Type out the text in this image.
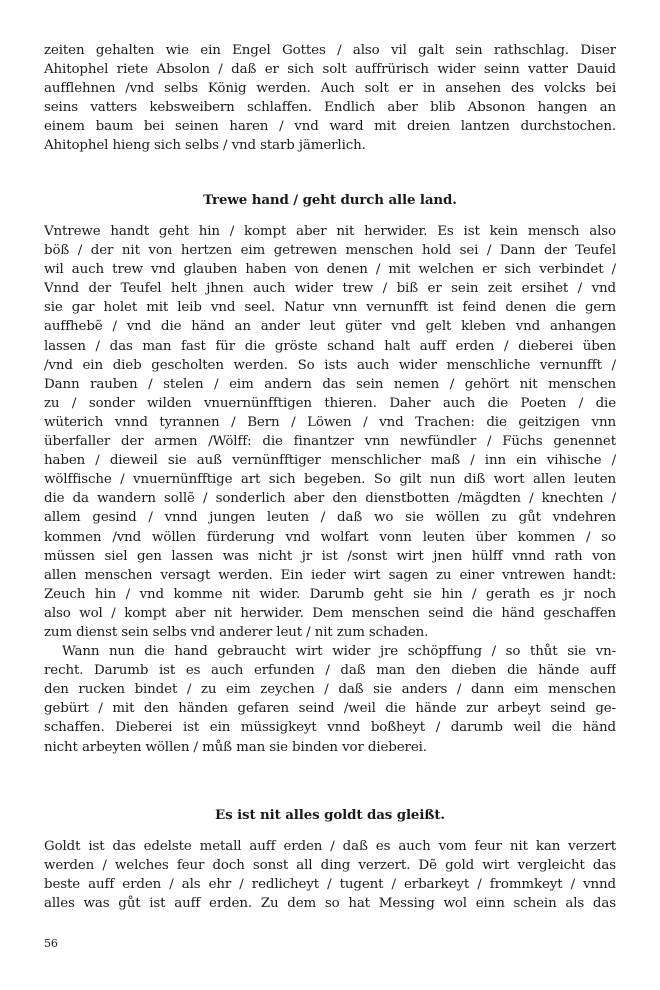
zeiten gehalten wie ein Engel Gottes / also vil galt sein rathschlag. Diser
Ahitophel riete Absolon / daß er sich solt auffrürisch wider seinn vatter Dauid
aufflehnen /vnd selbs König werden. Auch solt er in ansehen des volcks bei
seins vatters kebsweibern schlaffen. Endlich aber blib Absonon hangen an
einem baum bei seinen haren / vnd ward mit dreien lantzen durchstochen.
Ahitophel hieng sich selbs / vnd starb jämerlich.
Trewe hand / geht durch alle land.
Vntrewe handt geht hin / kompt aber nit herwider. Es ist kein mensch also
böß / der nit von hertzen eim getrewen menschen hold sei / Dann der Teufel
wil auch trew vnd glauben haben von denen / mit welchen er sich verbindet /
Vnnd der Teufel helt jhnen auch wider trew / biß er sein zeit ersihet / vnd
sie gar holet mit leib vnd seel. Natur vnn vernunfft ist feind denen die gern
auffhebẽ / vnd die händ an ander leut güter vnd gelt kleben vnd anhangen
lassen / das man fast für die gröste schand halt auff erden / dieberei üben
/vnd ein dieb gescholten werden. So ists auch wider menschliche vernunfft /
Dann rauben / stelen / eim andern das sein nemen / gehört nit menschen
zu / sonder wilden vnuernünfftigen thieren. Daher auch die Poeten / die
wüterich vnnd tyrannen / Bern / Löwen / vnd Trachen: die geitzigen vnn
überfaller der armen /Wölff: die finantzer vnn newfündler / Füchs genennet
haben / dieweil sie auß vernünfftiger menschlicher maß / inn ein vihische /
wölffische / vnuernünfftige art sich begeben. So gilt nun diß wort allen leuten
die da wandern sollẽ / sonderlich aber den dienstbotten /mägdten / knechten /
allem gesind / vnnd jungen leuten / daß wo sie wöllen zu gůt vndehren
kommen /vnd wöllen fürderung vnd wolfart vonn leuten über kommen / so
müssen siel gen lassen was nicht jr ist /sonst wirt jnen hülff vnnd rath von
allen menschen versagt werden. Ein ieder wirt sagen zu einer vntrewen handt:
Zeuch hin / vnd komme nit wider. Darumb geht sie hin / gerath es jr noch
also wol / kompt aber nit herwider. Dem menschen seind die händ geschaffen
zum dienst sein selbs vnd anderer leut / nit zum schaden.
Wann nun die hand gebraucht wirt wider jre schöpffung / so thůt sie vn-
recht. Darumb ist es auch erfunden / daß man den dieben die hände auff
den rucken bindet / zu eim zeychen / daß sie anders / dann eim menschen
gebürt / mit den händen gefaren seind /weil die hände zur arbeyt seind ge-
schaffen. Dieberei ist ein müssigkeyt vnnd boßheyt / darumb weil die händ
nicht arbeyten wöllen / můß man sie binden vor dieberei.
Es ist nit alles goldt das gleißt.
Goldt ist das edelste metall auff erden / daß es auch vom feur nit kan verzert
werden / welches feur doch sonst all ding verzert. Dẽ gold wirt vergleicht das
beste auff erden / als ehr / redlicheyt / tugent / erbarkeyt / frommkeyt / vnnd
alles was gůt ist auff erden. Zu dem so hat Messing wol einn schein als das
56
